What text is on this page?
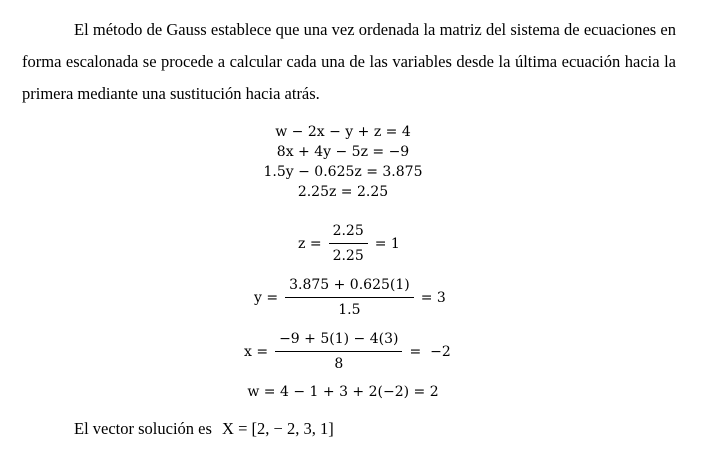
El método de Gauss establece que una vez ordenada la matriz del sistema de ecuaciones en forma escalonada se procede a calcular cada una de las variables desde la última ecuación hacia la primera mediante una sustitución hacia atrás.

w − 2x − y + z = 4
8x + 4y − 5z = −9
1.5y − 0.625z = 3.875
2.25z = 2.25
$z = \frac{2.25}{2.25} = 1$
$y = \frac{3.875 + 0.625(1)}{1.5} = 3$
$x = \frac{-9 + 5(1) - 4(3)}{8} = -2$
w = 4 − 1 + 3 + 2(−2) = 2
El vector solución es X = [2, − 2, 3, 1]
